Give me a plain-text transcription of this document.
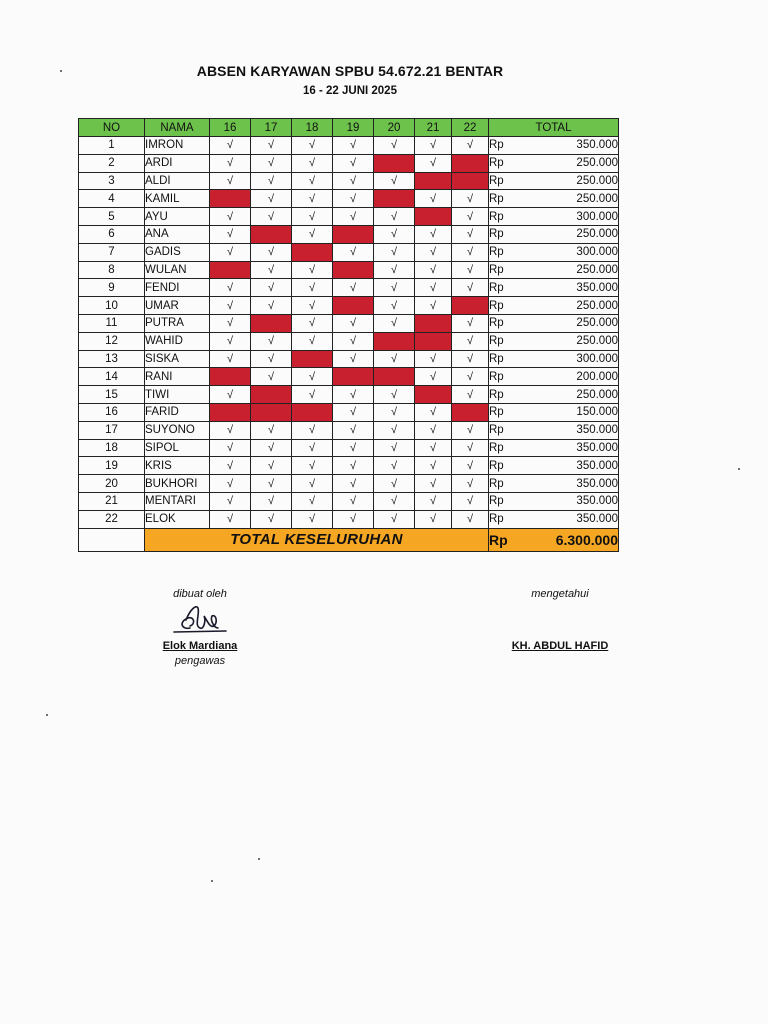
ABSEN KARYAWAN SPBU 54.672.21 BENTAR
16 - 22 JUNI 2025
NO	NAMA	16	17	18	19	20	21	22	TOTAL	
1	IMRON	√	√	√	√	√	√	√	Rp	350.000
2	ARDI	√	√	√	√		√		Rp	250.000
3	ALDI	√	√	√	√	√			Rp	250.000
4	KAMIL		√	√	√		√	√	Rp	250.000
5	AYU	√	√	√	√	√		√	Rp	300.000
6	ANA	√		√		√	√	√	Rp	250.000
7	GADIS	√	√		√	√	√	√	Rp	300.000
8	WULAN		√	√		√	√	√	Rp	250.000
9	FENDI	√	√	√	√	√	√	√	Rp	350.000
10	UMAR	√	√	√		√	√		Rp	250.000
11	PUTRA	√		√	√	√		√	Rp	250.000
12	WAHID	√	√	√	√			√	Rp	250.000
13	SISKA	√	√		√	√	√	√	Rp	300.000
14	RANI		√	√			√	√	Rp	200.000
15	TIWI	√		√	√	√		√	Rp	250.000
16	FARID				√	√	√		Rp	150.000
17	SUYONO	√	√	√	√	√	√	√	Rp	350.000
18	SIPOL	√	√	√	√	√	√	√	Rp	350.000
19	KRIS	√	√	√	√	√	√	√	Rp	350.000
20	BUKHORI	√	√	√	√	√	√	√	Rp	350.000
21	MENTARI	√	√	√	√	√	√	√	Rp	350.000
22	ELOK	√	√	√	√	√	√	√	Rp	350.000
	TOTAL KESELURUHAN								Rp	6.300.000
dibuat oleh
Elok Mardiana
pengawas
mengetahui
KH. ABDUL HAFID
